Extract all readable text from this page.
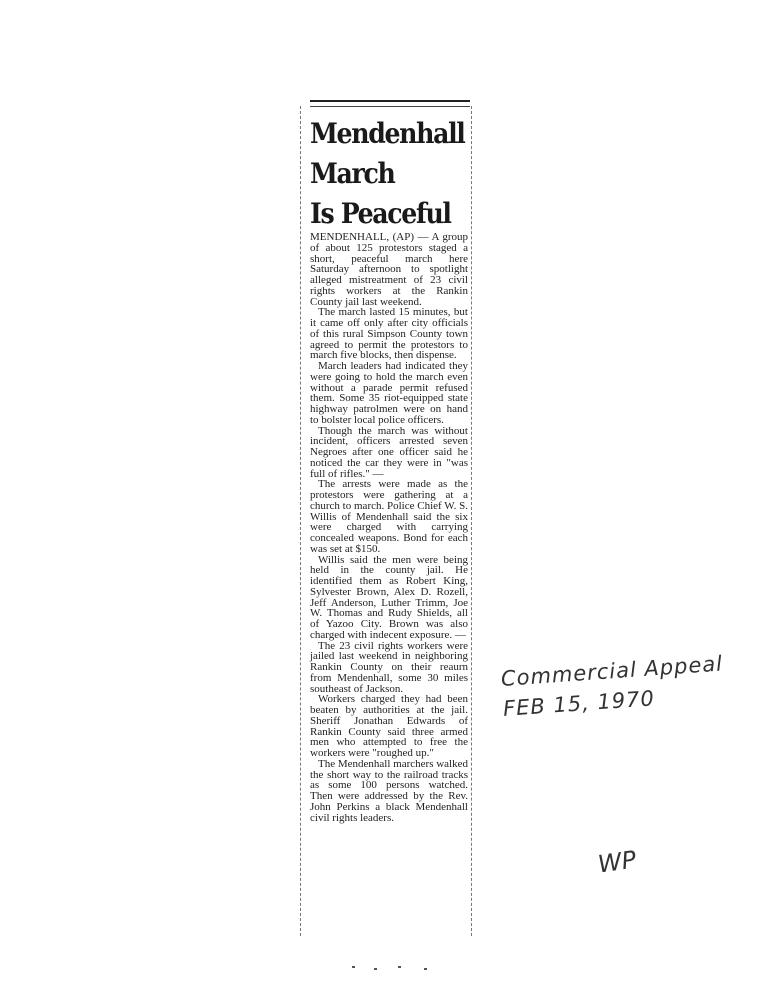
Mendenhall
March
Is Peaceful

MENDENHALL, (AP) — A group of about 125 protestors staged a short, peaceful march here Saturday afternoon to spotlight alleged mistreatment of 23 civil rights workers at the Rankin County jail last weekend.

The march lasted 15 minutes, but it came off only after city officials of this rural Simpson County town agreed to permit the protestors to march five blocks, then dispense.

March leaders had indicated they were going to hold the march even without a parade permit refused them. Some 35 riot-equipped state highway patrolmen were on hand to bolster local police officers.

Though the march was without incident, officers arrested seven Negroes after one officer said he noticed the car they were in "was full of rifles." —

The arrests were made as the protestors were gathering at a church to march. Police Chief W. S. Willis of Mendenhall said the six were charged with carrying concealed weapons. Bond for each was set at $150.

Willis said the men were being held in the county jail. He identified them as Robert King, Sylvester Brown, Alex D. Rozell, Jeff Anderson, Luther Trimm, Joe W. Thomas and Rudy Shields, all of Yazoo City. Brown was also charged with indecent exposure. —

The 23 civil rights workers were jailed last weekend in neighboring Rankin County on their reaurn from Mendenhall, some 30 miles southeast of Jackson.

Workers charged they had been beaten by authorities at the jail. Sheriff Jonathan Edwards of Rankin County said three armed men who attempted to free the workers were "roughed up."

The Mendenhall marchers walked the short way to the railroad tracks as some 100 persons watched. Then were addressed by the Rev. John Perkins a black Mendenhall civil rights leaders.

Commercial Appeal
FEB 15, 1970
WP
